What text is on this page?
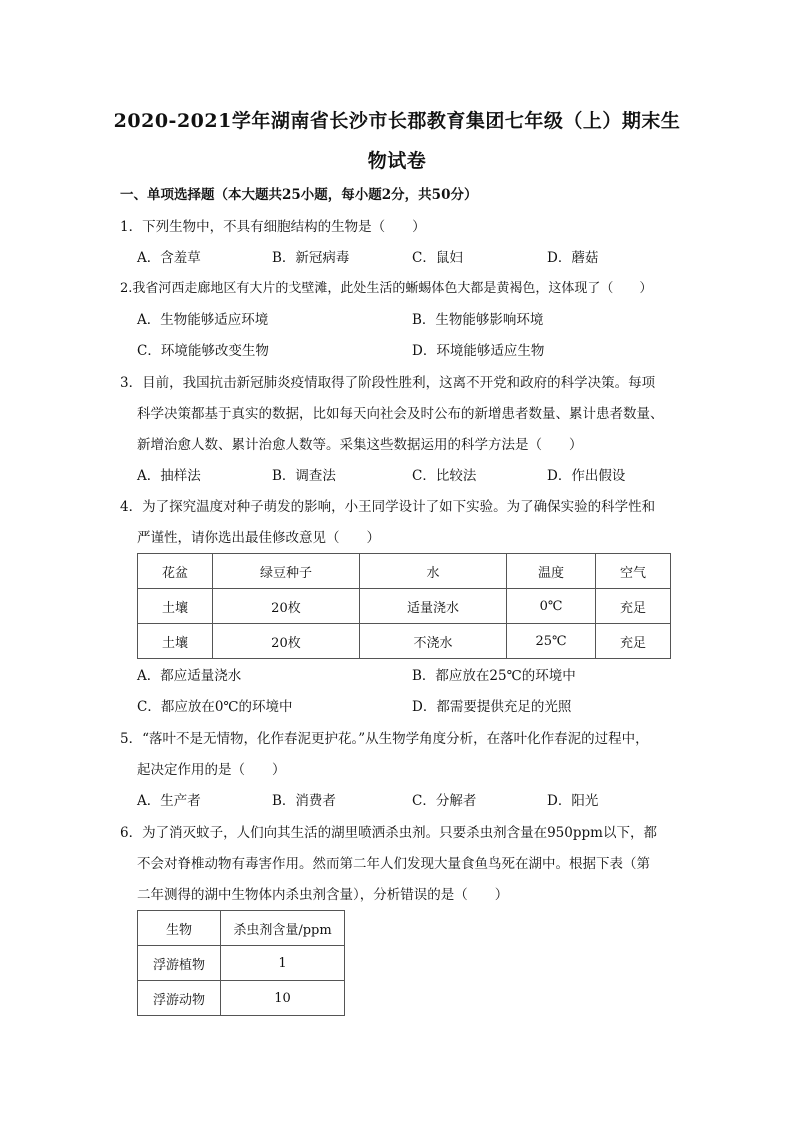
2020-2021学年湖南省长沙市长郡教育集团七年级（上）期末生
物试卷
一、单项选择题（本大题共25小题，每小题2分，共50分）
1．下列生物中，不具有细胞结构的生物是（　　）
A．含羞草	B．新冠病毒	C．鼠妇	D．蘑菇
2.我省河西走廊地区有大片的戈壁滩，此处生活的蜥蜴体色大都是黄褐色，这体现了（　　）
A．生物能够适应环境	B．生物能够影响环境
C．环境能够改变生物	D．环境能够适应生物
3．目前，我国抗击新冠肺炎疫情取得了阶段性胜利，这离不开党和政府的科学决策。每项
科学决策都基于真实的数据，比如每天向社会及时公布的新增患者数量、累计患者数量、
新增治愈人数、累计治愈人数等。采集这些数据运用的科学方法是（　　）
A．抽样法	B．调查法	C．比较法	D．作出假设
4．为了探究温度对种子萌发的影响，小王同学设计了如下实验。为了确保实验的科学性和
严谨性，请你选出最佳修改意见（　　）
花盆	绿豆种子	水	温度	空气
土壤	20枚	适量浇水	0℃	充足
土壤	20枚	不浇水	25℃	充足
A．都应适量浇水	B．都应放在25℃的环境中
C．都应放在0℃的环境中	D．都需要提供充足的光照
5．“落叶不是无情物，化作春泥更护花。”从生物学角度分析，在落叶化作春泥的过程中，
起决定作用的是（　　）
A．生产者	B．消费者	C．分解者	D．阳光
6．为了消灭蚊子，人们向其生活的湖里喷洒杀虫剂。只要杀虫剂含量在950ppm以下，都
不会对脊椎动物有毒害作用。然而第二年人们发现大量食鱼鸟死在湖中。根据下表（第
二年测得的湖中生物体内杀虫剂含量），分析错误的是（　　）
生物	杀虫剂含量/ppm
浮游植物	1
浮游动物	10
